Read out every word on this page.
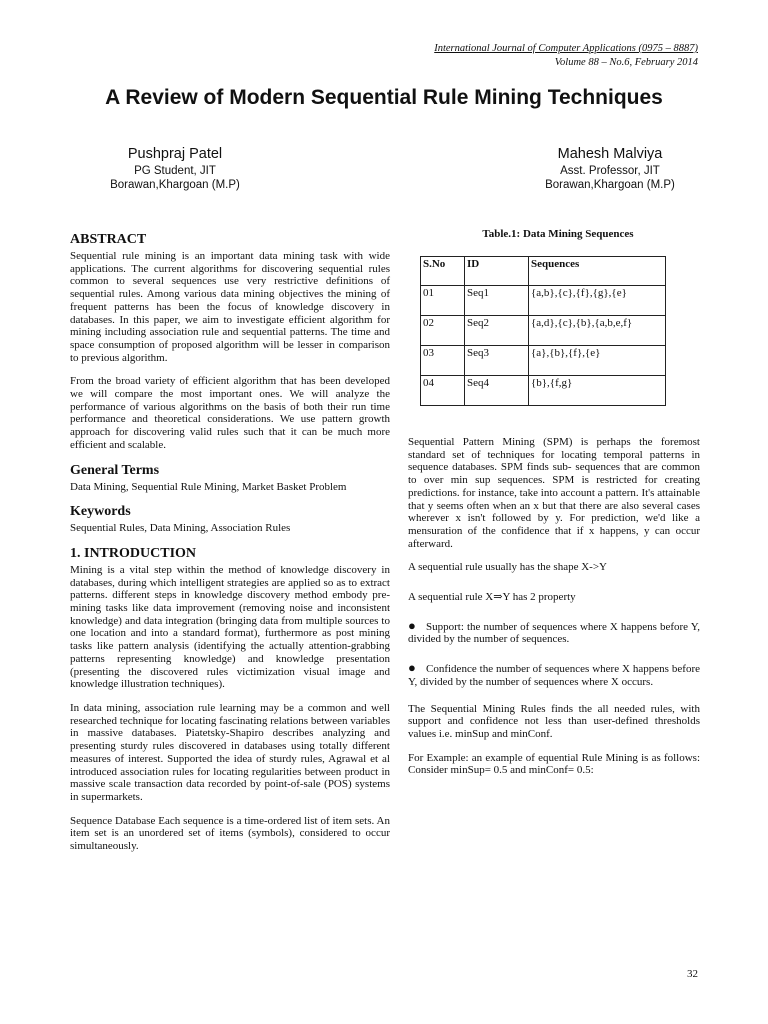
International Journal of Computer Applications (0975 – 8887)
Volume 88 – No.6, February 2014
A Review of Modern Sequential Rule Mining Techniques
Pushpraj Patel
PG Student, JIT
Borawan,Khargoan (M.P)
Mahesh Malviya
Asst. Professor, JIT
Borawan,Khargoan (M.P)
ABSTRACT

Sequential rule mining is an important data mining task with wide applications. The current algorithms for discovering sequential rules common to several sequences use very restrictive definitions of sequential rules. Among various data mining objectives the mining of frequent patterns has been the focus of knowledge discovery in databases. In this paper, we aim to investigate efficient algorithm for mining including association rule and sequential patterns. The time and space consumption of proposed algorithm will be lesser in comparison to previous algorithm.

From the broad variety of efficient algorithm that has been developed we will compare the most important ones. We will analyze the performance of various algorithms on the basis of both their run time performance and theoretical considerations. We use pattern growth approach for discovering valid rules such that it can be much more efficient and scalable.

General Terms

Data Mining, Sequential Rule Mining, Market Basket Problem

Keywords

Sequential Rules, Data Mining, Association Rules

1. INTRODUCTION

Mining is a vital step within the method of knowledge discovery in databases, during which intelligent strategies are applied so as to extract patterns. different steps in knowledge discovery method embody pre-mining tasks like data improvement (removing noise and inconsistent knowledge) and data integration (bringing data from multiple sources to one location and into a standard format), furthermore as post mining tasks like pattern analysis (identifying the actually attention-grabbing patterns representing knowledge) and knowledge presentation (presenting the discovered rules victimization visual image and knowledge illustration techniques).

In data mining, association rule learning may be a common and well researched technique for locating fascinating relations between variables in massive databases. Piatetsky-Shapiro describes analyzing and presenting sturdy rules discovered in databases using totally different measures of interest. Supported the idea of sturdy rules, Agrawal et al introduced association rules for locating regularities between product in massive scale transaction data recorded by point-of-sale (POS) systems in supermarkets.

Sequence Database Each sequence is a time-ordered list of item sets. An item set is an unordered set of items (symbols), considered to occur simultaneously.

Table.1: Data Mining Sequences
S.No	ID	Sequences
01	Seq1	{a,b},{c},{f},{g},{e}
02	Seq2	{a,d},{c},{b},{a,b,e,f}
03	Seq3	{a},{b},{f},{e}
04	Seq4	{b},{f,g}

Sequential Pattern Mining (SPM) is perhaps the foremost standard set of techniques for locating temporal patterns in sequence databases. SPM finds sub- sequences that are common to over min sup sequences. SPM is restricted for creating predictions. for instance, take into account a pattern. It's attainable that y seems often when an x but that there are also several cases wherever x isn't followed by y. For prediction, we'd like a mensuration of the confidence that if x happens, y can occur afterward.

A sequential rule usually has the shape X->Y

A sequential rule X⇒Y has 2 property

● Support: the number of sequences where X happens before Y, divided by the number of sequences.

● Confidence the number of sequences where X happens before Y, divided by the number of sequences where X occurs.

The Sequential Mining Rules finds the all needed rules, with support and confidence not less than user-defined thresholds values i.e. minSup and minConf.

For Example: an example of equential Rule Mining is as follows: Consider minSup= 0.5 and minConf= 0.5:

32
